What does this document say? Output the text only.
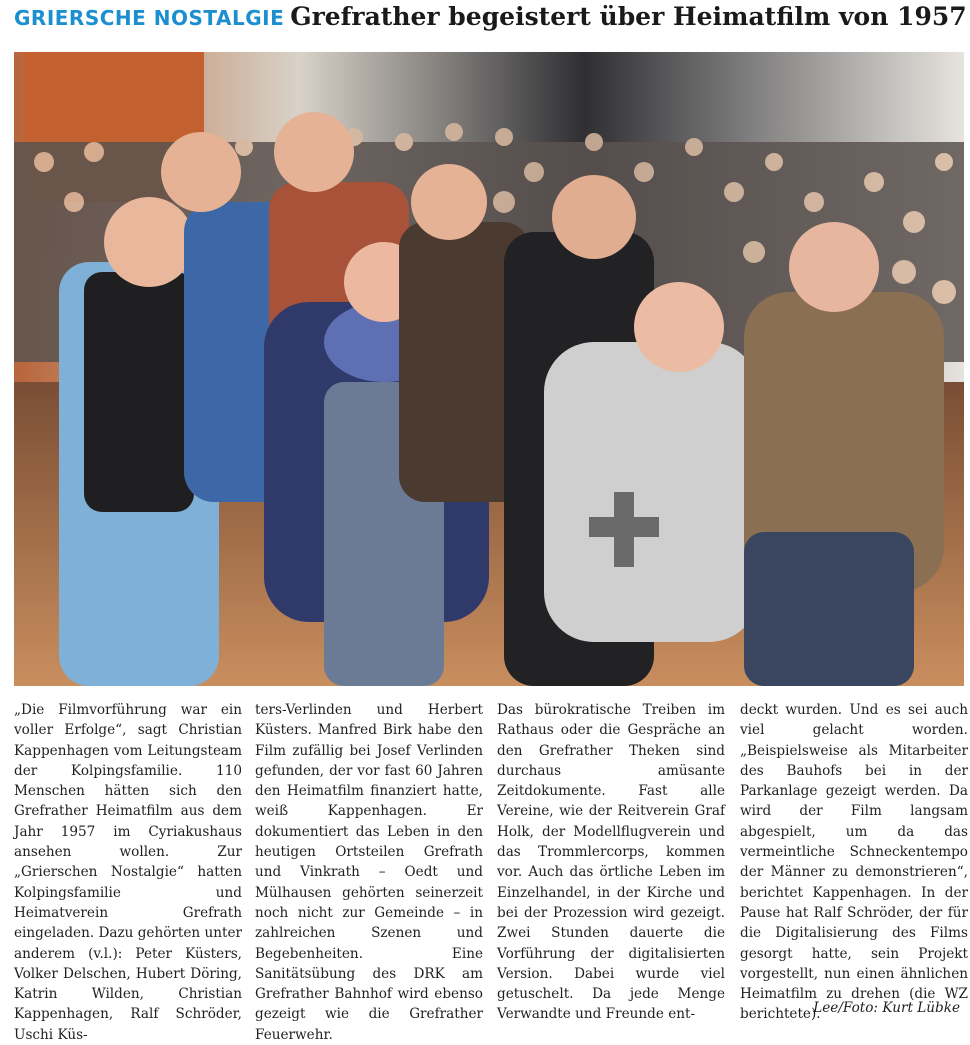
GRIERSCHE NOSTALGIE Grefrather begeistert über Heimatfilm von 1957
„Die Filmvorführung war ein voller Erfolge“, sagt Christian Kappenhagen vom Leitungsteam der Kolpingsfamilie. 110 Menschen hätten sich den Grefrather Heimatfilm aus dem Jahr 1957 im Cyriakushaus ansehen wollen. Zur „Grierschen Nostalgie“ hatten Kolpingsfamilie und Heimatverein Grefrath eingeladen. Dazu gehörten unter anderem (v.l.): Peter Küsters, Volker Delschen, Hubert Döring, Katrin Wilden, Christian Kappenhagen, Ralf Schröder, Uschi Küs-
ters-Verlinden und Herbert Küsters. Manfred Birk habe den Film zufällig bei Josef Verlinden gefunden, der vor fast 60 Jahren den Heimatfilm finanziert hatte, weiß Kappenhagen. Er dokumentiert das Leben in den heutigen Ortsteilen Grefrath und Vinkrath – Oedt und Mülhausen gehörten seinerzeit noch nicht zur Gemeinde – in zahlreichen Szenen und Begebenheiten. Eine Sanitätsübung des DRK am Grefrather Bahnhof wird ebenso gezeigt wie die Grefrather Feuerwehr.
Das bürokratische Treiben im Rathaus oder die Gespräche an den Grefrather Theken sind durchaus amüsante Zeitdokumente. Fast alle Vereine, wie der Reitverein Graf Holk, der Modellflugverein und das Trommlercorps, kommen vor. Auch das örtliche Leben im Einzelhandel, in der Kirche und bei der Prozession wird gezeigt. Zwei Stunden dauerte die Vorführung der digitalisierten Version. Dabei wurde viel getuschelt. Da jede Menge Verwandte und Freunde ent-
deckt wurden. Und es sei auch viel gelacht worden. „Beispielsweise als Mitarbeiter des Bauhofs bei in der Parkanlage gezeigt werden. Da wird der Film langsam abgespielt, um da das vermeintliche Schneckentempo der Männer zu demonstrieren“, berichtet Kappenhagen. In der Pause hat Ralf Schröder, der für die Digitalisierung des Films gesorgt hatte, sein Projekt vorgestellt, nun einen ähnlichen Heimatfilm zu drehen (die WZ berichtete).
Lee/Foto: Kurt Lübke
